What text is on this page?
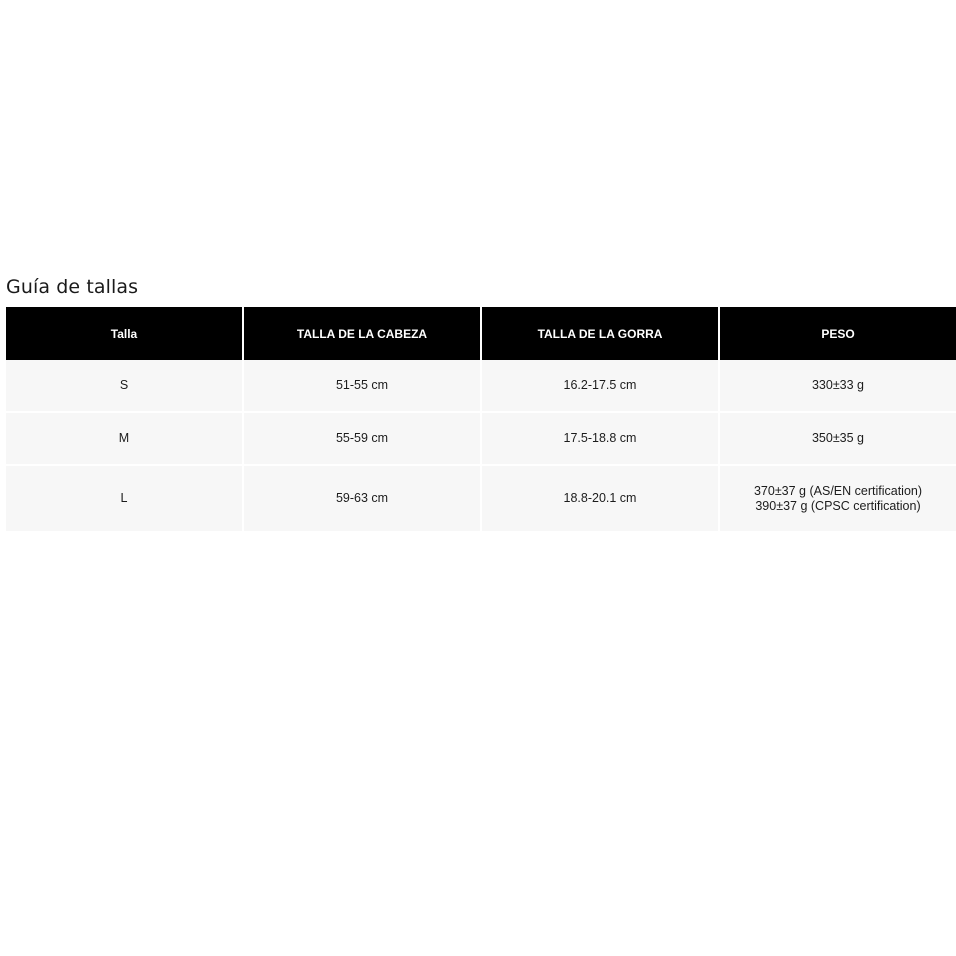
Guía de tallas
Talla	TALLA DE LA CABEZA	TALLA DE LA GORRA	PESO
S	51-55 cm	16.2-17.5 cm	330±33 g

M	55-59 cm	17.5-18.8 cm	350±35 g

L	59-63 cm	18.8-20.1 cm	370±37 g (AS/EN certification)
390±37 g (CPSC certification)
